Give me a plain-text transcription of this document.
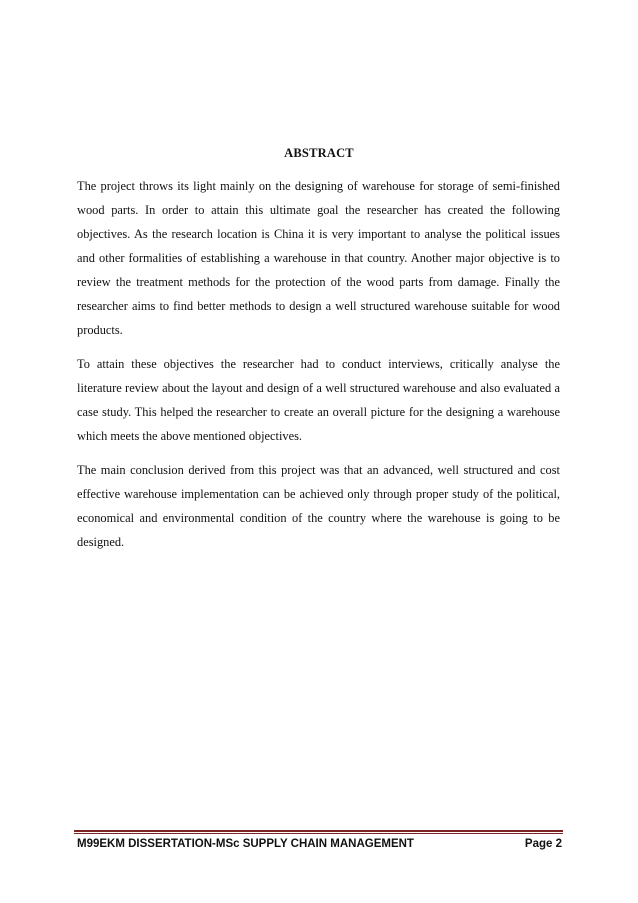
ABSTRACT

The project throws its light mainly on the designing of warehouse for storage of semi-finished wood parts. In order to attain this ultimate goal the researcher has created the following objectives. As the research location is China it is very important to analyse the political issues and other formalities of establishing a warehouse in that country. Another major objective is to review the treatment methods for the protection of the wood parts from damage. Finally the researcher aims to find better methods to design a well structured warehouse suitable for wood products.

To attain these objectives the researcher had to conduct interviews, critically analyse the literature review about the layout and design of a well structured warehouse and also evaluated a case study. This helped the researcher to create an overall picture for the designing a warehouse which meets the above mentioned objectives.

The main conclusion derived from this project was that an advanced, well structured and cost effective warehouse implementation can be achieved only through proper study of the political, economical and environmental condition of the country where the warehouse is going to be designed.

M99EKM DISSERTATION-MSc SUPPLY CHAIN MANAGEMENT	Page 2
